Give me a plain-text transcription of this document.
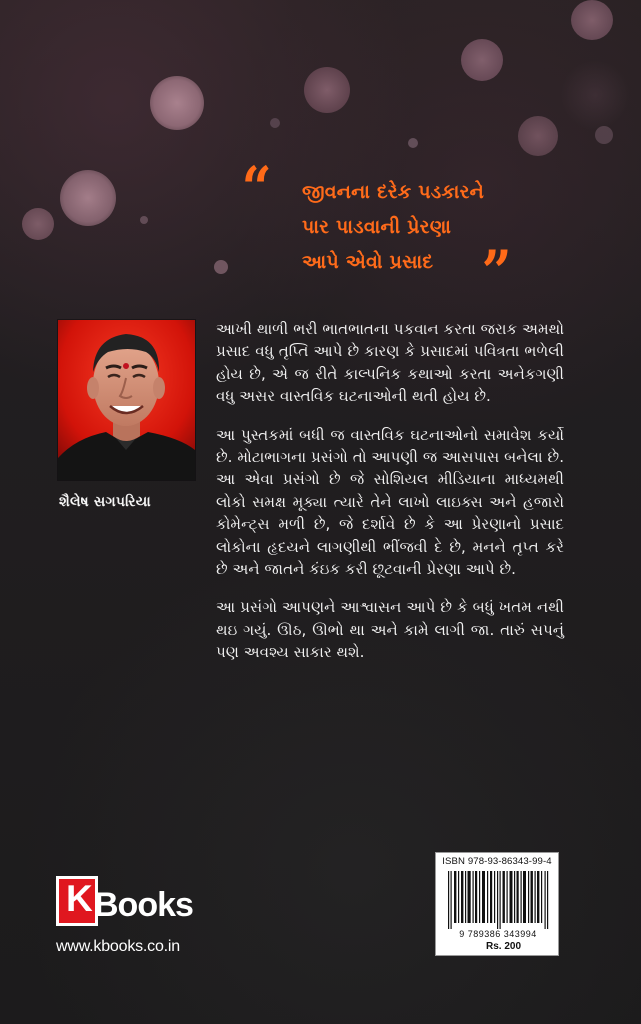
“ જીવનના દરેક પડકારને
પાર પાડવાની પ્રેરણા
આપે એવો પ્રસાદ ”
શૈલેષ સગપરિયા

આખી થાળી ભરી ભાતભાતના પકવાન કરતા જરાક અમથો પ્રસાદ વધુ તૃપ્તિ આપે છે કારણ કે પ્રસાદમાં પવિત્રતા ભળેલી હોય છે, એ જ રીતે કાલ્પનિક કથાઓ કરતા અનેકગણી વધુ અસર વાસ્તવિક ઘટનાઓની થતી હોય છે.

આ પુસ્તકમાં બધી જ વાસ્તવિક ઘટનાઓનો સમાવેશ કર્યો છે. મોટાભાગના પ્રસંગો તો આપણી જ આસપાસ બનેલા છે. આ એવા પ્રસંગો છે જે સોશિયલ મીડિયાના માધ્યમથી લોકો સમક્ષ મૂક્યા ત્યારે તેને લાખો લાઇક્સ અને હજારો કોમેન્ટ્સ મળી છે, જે દર્શાવે છે કે આ પ્રેરણાનો પ્રસાદ લોકોના હૃદયને લાગણીથી ભીંજવી દે છે, મનને તૃપ્ત કરે છે અને જાતને કંઇક કરી છૂટવાની પ્રેરણા આપે છે.

આ પ્રસંગો આપણને આશ્વાસન આપે છે કે બધું ખતમ નથી થઇ ગયું. ઊઠ, ઊભો થા અને કામે લાગી જા. તારું સપનું પણ અવશ્ય સાકાર થશે.

K Books
www.kbooks.co.in
ISBN 978-93-86343-99-4
9 789386 343994
Rs. 200
